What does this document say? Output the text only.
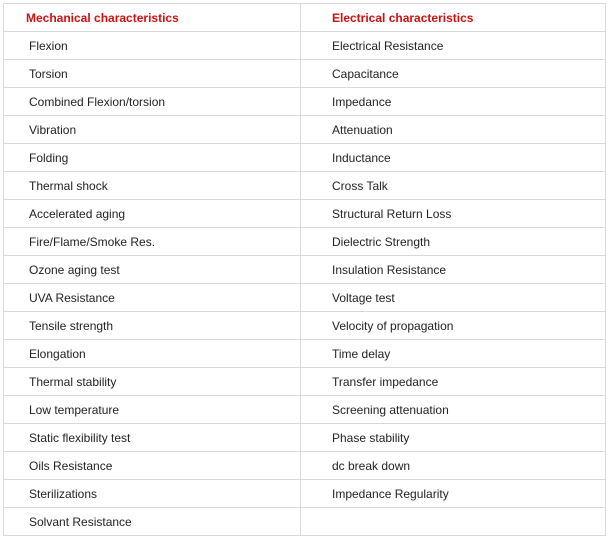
Mechanical characteristics	Electrical characteristics
Flexion	Electrical Resistance
Torsion	Capacitance
Combined Flexion/torsion	Impedance
Vibration	Attenuation
Folding	Inductance
Thermal shock	Cross Talk
Accelerated aging	Structural Return Loss
Fire/Flame/Smoke Res.	Dielectric Strength
Ozone aging test	Insulation Resistance
UVA Resistance	Voltage test
Tensile strength	Velocity of propagation
Elongation	Time delay
Thermal stability	Transfer impedance
Low temperature	Screening attenuation
Static flexibility test	Phase stability
Oils Resistance	dc break down
Sterilizations	Impedance Regularity
Solvant Resistance	
